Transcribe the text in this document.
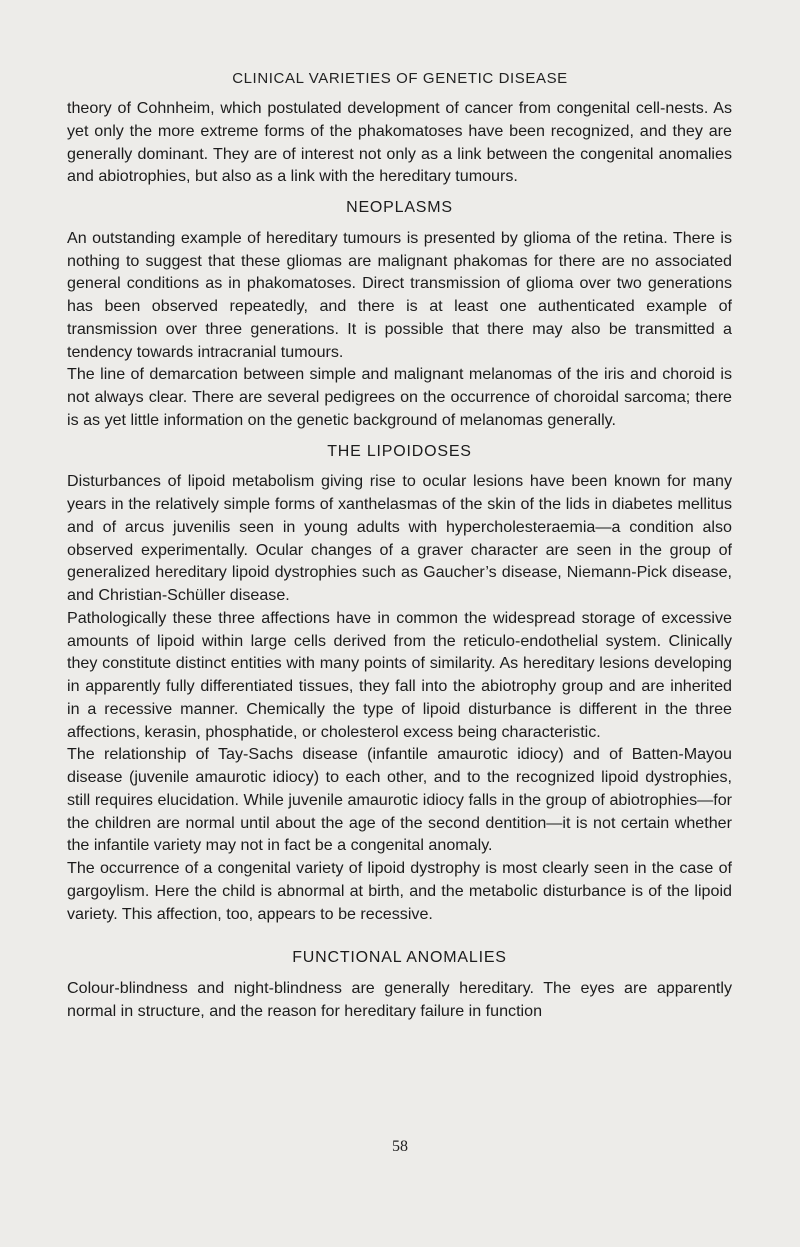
CLINICAL VARIETIES OF GENETIC DISEASE

theory of Cohnheim, which postulated development of cancer from congenital cell-nests. As yet only the more extreme forms of the phakomatoses have been recognized, and they are generally dominant. They are of interest not only as a link between the congenital anomalies and abiotrophies, but also as a link with the hereditary tumours.

NEOPLASMS

An outstanding example of hereditary tumours is presented by glioma of the retina. There is nothing to suggest that these gliomas are malignant phakomas for there are no associated general conditions as in phakomatoses. Direct transmission of glioma over two generations has been observed repeatedly, and there is at least one authenticated example of transmission over three generations. It is possible that there may also be transmitted a tendency towards intracranial tumours.

The line of demarcation between simple and malignant melanomas of the iris and choroid is not always clear. There are several pedigrees on the occurrence of choroidal sarcoma; there is as yet little information on the genetic background of melanomas generally.

THE LIPOIDOSES

Disturbances of lipoid metabolism giving rise to ocular lesions have been known for many years in the relatively simple forms of xanthelasmas of the skin of the lids in diabetes mellitus and of arcus juvenilis seen in young adults with hypercholesteraemia—a condition also observed experimentally. Ocular changes of a graver character are seen in the group of generalized hereditary lipoid dystrophies such as Gaucher’s disease, Niemann-Pick disease, and Christian-Schüller disease.

Pathologically these three affections have in common the widespread storage of excessive amounts of lipoid within large cells derived from the reticulo-endothelial system. Clinically they constitute distinct entities with many points of similarity. As hereditary lesions developing in apparently fully differentiated tissues, they fall into the abiotrophy group and are inherited in a recessive manner. Chemically the type of lipoid disturbance is different in the three affections, kerasin, phosphatide, or cholesterol excess being characteristic.

The relationship of Tay-Sachs disease (infantile amaurotic idiocy) and of Batten-Mayou disease (juvenile amaurotic idiocy) to each other, and to the recognized lipoid dystrophies, still requires elucidation. While juvenile amaurotic idiocy falls in the group of abiotrophies—for the children are normal until about the age of the second dentition—it is not certain whether the infantile variety may not in fact be a congenital anomaly.

The occurrence of a congenital variety of lipoid dystrophy is most clearly seen in the case of gargoylism. Here the child is abnormal at birth, and the metabolic disturbance is of the lipoid variety. This affection, too, appears to be recessive.

FUNCTIONAL ANOMALIES

Colour-blindness and night-blindness are generally hereditary. The eyes are apparently normal in structure, and the reason for hereditary failure in function

58
